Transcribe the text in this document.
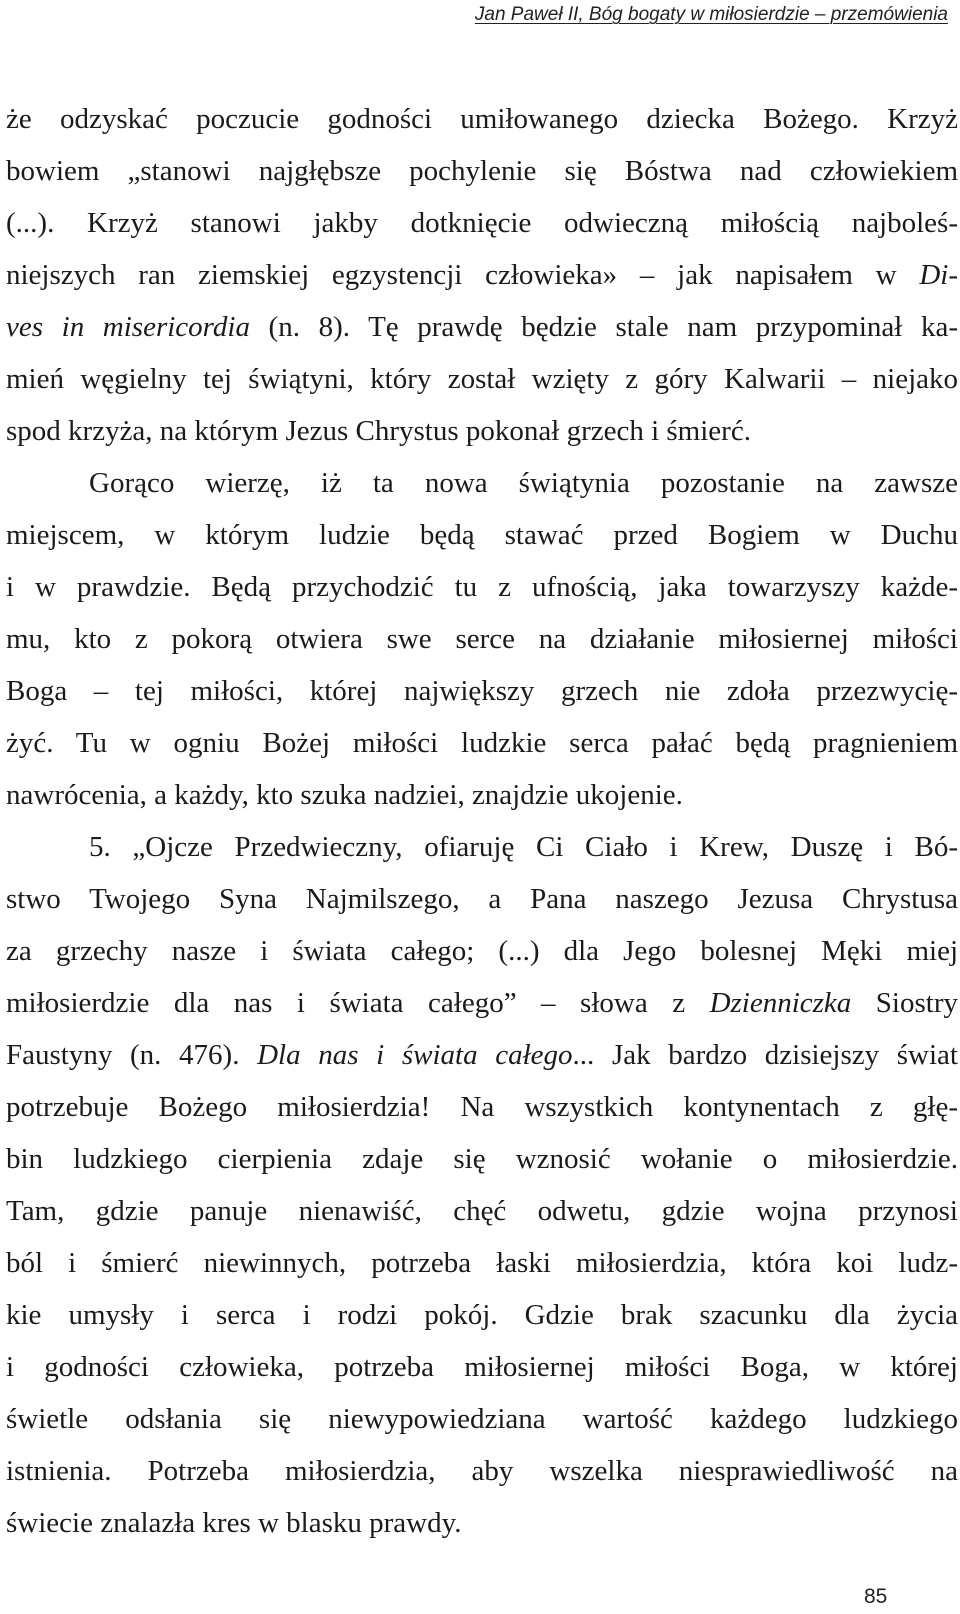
Jan Paweł II, Bóg bogaty w miłosierdzie – przemówienia
że odzyskać poczucie godności umiłowanego dziecka Bożego. Krzyż
bowiem „stanowi najgłębsze pochylenie się Bóstwa nad człowiekiem
(...). Krzyż stanowi jakby dotknięcie odwieczną miłością najboleś-
niejszych ran ziemskiej egzystencji człowieka» – jak napisałem w Di-
ves in misericordia (n. 8). Tę prawdę będzie stale nam przypominał ka-
mień węgielny tej świątyni, który został wzięty z góry Kalwarii – niejako
spod krzyża, na którym Jezus Chrystus pokonał grzech i śmierć.
Gorąco wierzę, iż ta nowa świątynia pozostanie na zawsze
miejscem, w którym ludzie będą stawać przed Bogiem w Duchu
i w prawdzie. Będą przychodzić tu z ufnością, jaka towarzyszy każde-
mu, kto z pokorą otwiera swe serce na działanie miłosiernej miłości
Boga – tej miłości, której największy grzech nie zdoła przezwycię-
żyć. Tu w ogniu Bożej miłości ludzkie serca pałać będą pragnieniem
nawrócenia, a każdy, kto szuka nadziei, znajdzie ukojenie.
5. „Ojcze Przedwieczny, ofiaruję Ci Ciało i Krew, Duszę i Bó-
stwo Twojego Syna Najmilszego, a Pana naszego Jezusa Chrystusa
za grzechy nasze i świata całego; (...) dla Jego bolesnej Męki miej
miłosierdzie dla nas i świata całego” – słowa z Dzienniczka Siostry
Faustyny (n. 476). Dla nas i świata całego... Jak bardzo dzisiejszy świat
potrzebuje Bożego miłosierdzia! Na wszystkich kontynentach z głę-
bin ludzkiego cierpienia zdaje się wznosić wołanie o miłosierdzie.
Tam, gdzie panuje nienawiść, chęć odwetu, gdzie wojna przynosi
ból i śmierć niewinnych, potrzeba łaski miłosierdzia, która koi ludz-
kie umysły i serca i rodzi pokój. Gdzie brak szacunku dla życia
i godności człowieka, potrzeba miłosiernej miłości Boga, w której
świetle odsłania się niewypowiedziana wartość każdego ludzkiego
istnienia. Potrzeba miłosierdzia, aby wszelka niesprawiedliwość na
świecie znalazła kres w blasku prawdy.
85
